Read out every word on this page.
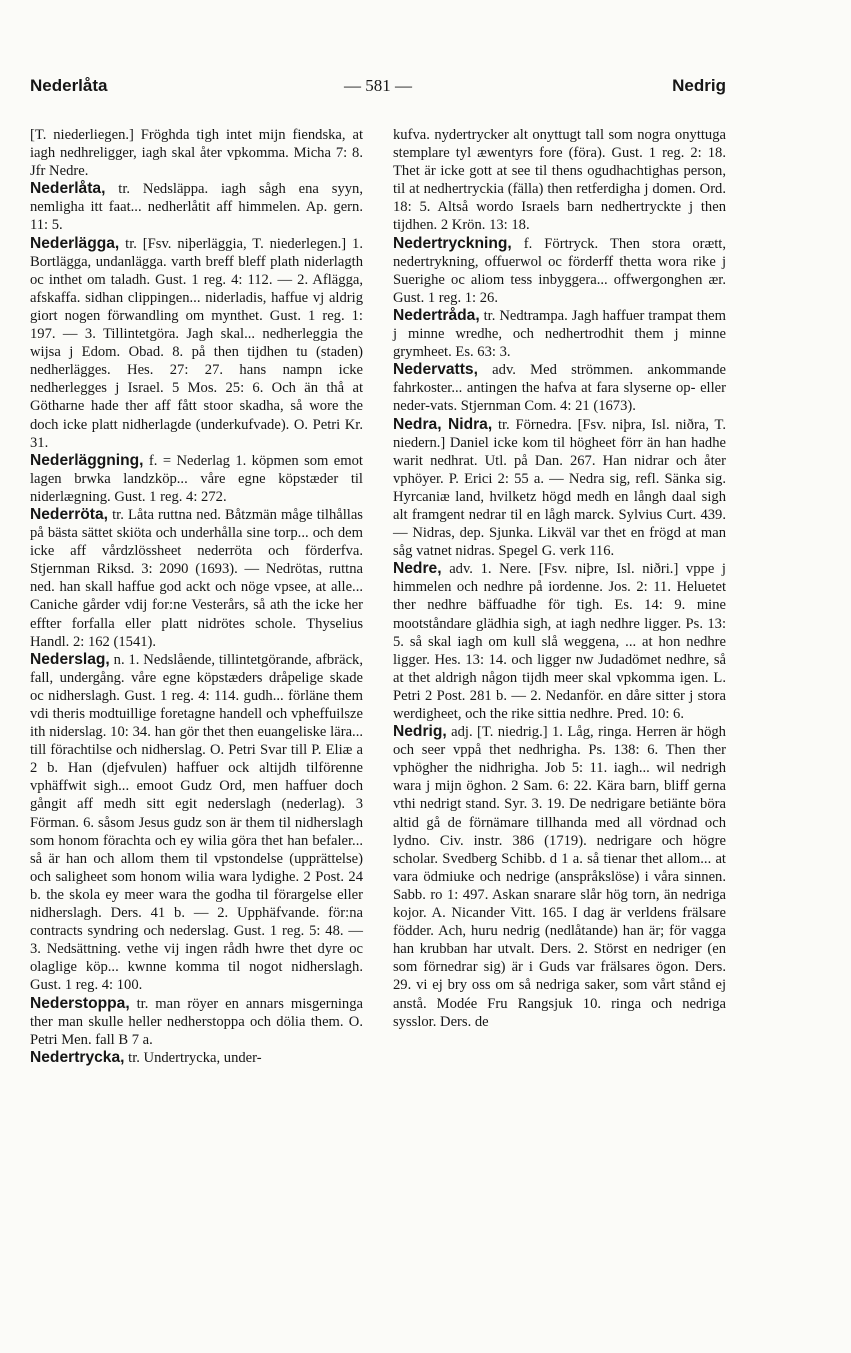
Nederlåta	— 581 —	Nedrig

[T. niederliegen.] Fröghda tigh intet mijn fiendska, at iagh nedhreligger, iagh skal åter vpkomma. Micha 7: 8. Jfr Nedre.

Nederlåta, tr. Nedsläppa. iagh sågh ena syyn, nemligha itt faat... nedherlåtit aff himmelen. Ap. gern. 11: 5.

Nederlägga, tr. [Fsv. niþerläggia, T. niederlegen.] 1. Bortlägga, undanlägga. varth breff bleff plath niderlagth oc inthet om taladh. Gust. 1 reg. 4: 112. — 2. Aflägga, afskaffa. sidhan clippingen... niderladis, haffue vj aldrig giort nogen förwandling om mynthet. Gust. 1 reg. 1: 197. — 3. Tillintetgöra. Jagh skal... nedherleggia the wijsa j Edom. Obad. 8. på then tijdhen tu (staden) nedherlägges. Hes. 27: 27. hans nampn icke nedherlegges j Israel. 5 Mos. 25: 6. Och än thå at Götharne hade ther aff fått stoor skadha, så wore the doch icke platt nidherlagde (underkufvade). O. Petri Kr. 31.

Nederläggning, f. = Nederlag 1. köpmen som emot lagen brwka landzköp... våre egne köpstæder til niderlægning. Gust. 1 reg. 4: 272.

Nederröta, tr. Låta ruttna ned. Båtzmän måge tilhållas på bästa sättet skiöta och underhålla sine torp... och dem icke aff vårdzlössheet nederröta och förderfva. Stjernman Riksd. 3: 2090 (1693). — Nedrötas, ruttna ned. han skall haffue god ackt och nöge vpsee, at alle... Caniche gårder vdij for:ne Vesterårs, så ath the icke her effter forfalla eller platt nidrötes schole. Thyselius Handl. 2: 162 (1541).

Nederslag, n. 1. Nedslående, tillintetgörande, afbräck, fall, undergång. våre egne köpstæders dråpelige skade oc nidherslagh. Gust. 1 reg. 4: 114. gudh... förläne them vdi theris modtuillige foretagne handell och vpheffuilsze ith niderslag. 10: 34. han gör thet then euangeliske lära... till förachtilse och nidherslag. O. Petri Svar till P. Eliæ a 2 b. Han (djefvulen) haffuer ock altijdh tilförenne vphäffwit sigh... emoot Gudz Ord, men haffuer doch gångit aff medh sitt egit nederslagh (nederlag). 3 Förman. 6. såsom Jesus gudz son är them til nidherslagh som honom förachta och ey wilia göra thet han befaler... så är han och allom them til vpstondelse (upprättelse) och saligheet som honom wilia wara lydighe. 2 Post. 24 b. the skola ey meer wara the godha til förargelse eller nidherslagh. Ders. 41 b. — 2. Upphäfvande. för:na contracts syndring och nederslag. Gust. 1 reg. 5: 48. — 3. Nedsättning. vethe vij ingen rådh hwre thet dyre oc olaglige köp... kwnne komma til nogot nidherslagh. Gust. 1 reg. 4: 100.

Nederstoppa, tr. man röyer en annars misgerninga ther man skulle heller nedherstoppa och dölia them. O. Petri Men. fall B 7 a.

Nedertrycka, tr. Undertrycka, under-

kufva. nydertrycker alt onyttugt tall som nogra onyttuga stemplare tyl æwentyrs fore (föra). Gust. 1 reg. 2: 18. Thet är icke gott at see til thens ogudhachtighas person, til at nedhertryckia (fälla) then retferdigha j domen. Ord. 18: 5. Altså wordo Israels barn nedhertryckte j then tijdhen. 2 Krön. 13: 18.

Nedertryckning, f. Förtryck. Then stora orætt, nedertrykning, offuerwol oc förderff thetta wora rike j Suerighe oc aliom tess inbyggera... offwergonghen ær. Gust. 1 reg. 1: 26.

Nedertråda, tr. Nedtrampa. Jagh haffuer trampat them j minne wredhe, och nedhertrodhit them j minne grymheet. Es. 63: 3.

Nedervatts, adv. Med strömmen. ankommande fahrkoster... antingen the hafva at fara slyserne op- eller neder-vats. Stjernman Com. 4: 21 (1673).

Nedra, Nidra, tr. Förnedra. [Fsv. niþra, Isl. niðra, T. niedern.] Daniel icke kom til högheet förr än han hadhe warit nedhrat. Utl. på Dan. 267. Han nidrar och åter vphöyer. P. Erici 2: 55 a. — Nedra sig, refl. Sänka sig. Hyrcaniæ land, hvilketz högd medh en långh daal sigh alt framgent nedrar til en lågh marck. Sylvius Curt. 439. — Nidras, dep. Sjunka. Likväl var thet en frögd at man såg vatnet nidras. Spegel G. verk 116.

Nedre, adv. 1. Nere. [Fsv. niþre, Isl. niðri.] vppe j himmelen och nedhre på iordenne. Jos. 2: 11. Heluetet ther nedhre bäffuadhe för tigh. Es. 14: 9. mine mootståndare glädhia sigh, at iagh nedhre ligger. Ps. 13: 5. så skal iagh om kull slå weggena, ... at hon nedhre ligger. Hes. 13: 14. och ligger nw Judadömet nedhre, så at thet aldrigh någon tijdh meer skal vpkomma igen. L. Petri 2 Post. 281 b. — 2. Nedanför. en dåre sitter j stora werdigheet, och the rike sittia nedhre. Pred. 10: 6.

Nedrig, adj. [T. niedrig.] 1. Låg, ringa. Herren är högh och seer vppå thet nedhrigha. Ps. 138: 6. Then ther vphögher the nidhrigha. Job 5: 11. iagh... wil nedrigh wara j mijn öghon. 2 Sam. 6: 22. Kära barn, bliff gerna vthi nedrigt stand. Syr. 3. 19. De nedrigare betiänte böra altid gå de förnämare tillhanda med all vördnad och lydno. Civ. instr. 386 (1719). nedrigare och högre scholar. Svedberg Schibb. d 1 a. så tienar thet allom... at vara ödmiuke och nedrige (anspråkslöse) i våra sinnen. Sabb. ro 1: 497. Askan snarare slår hög torn, än nedriga kojor. A. Nicander Vitt. 165. I dag är verldens frälsare födder. Ach, huru nedrig (nedlåtande) han är; för vagga han krubban har utvalt. Ders. 2. Störst en nedriger (en som förnedrar sig) är i Guds var frälsares ögon. Ders. 29. vi ej bry oss om så nedriga saker, som vårt stånd ej anstå. Modée Fru Rangsjuk 10. ringa och nedriga sysslor. Ders. de
